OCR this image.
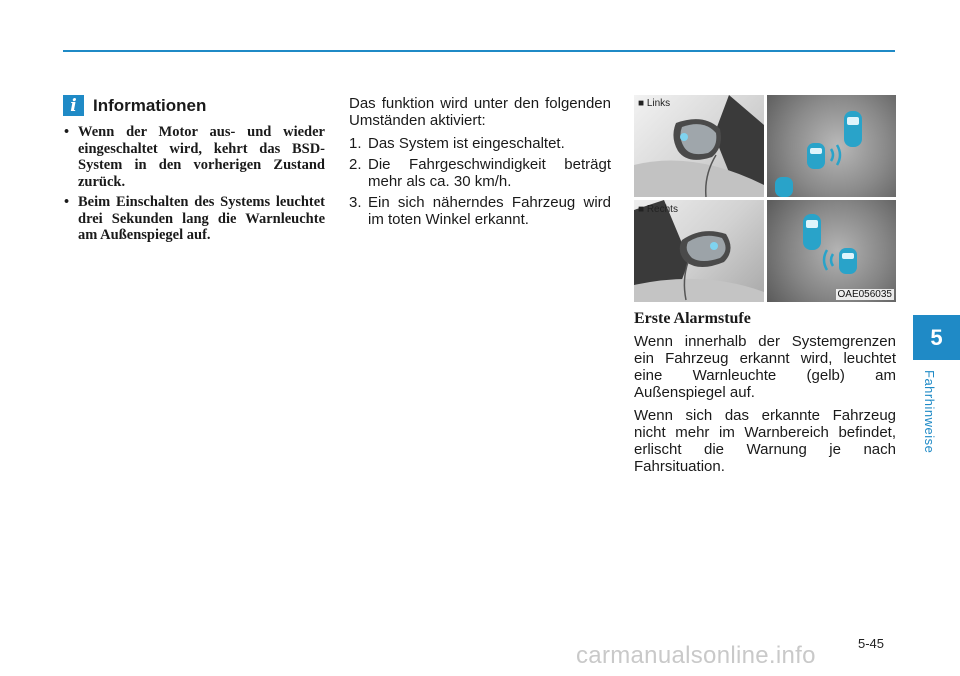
i Informationen
• Wenn der Motor aus- und wieder eingeschaltet wird, kehrt das BSD-System in den vorherigen Zustand zurück.
• Beim Einschalten des Systems leuchtet drei Sekunden lang die Warnleuchte am Außenspiegel auf.

Das funktion wird unter den folgenden Umständen aktiviert:

1. Das System ist eingeschaltet.
2. Die Fahrgeschwindigkeit beträgt mehr als ca. 30 km/h.
3. Ein sich näherndes Fahrzeug wird im toten Winkel erkannt.
■ Links
■ Rechts
OAE056035
Erste Alarmstufe

Wenn innerhalb der Systemgrenzen ein Fahrzeug erkannt wird, leuchtet eine Warnleuchte (gelb) am Außenspiegel auf.

Wenn sich das erkannte Fahrzeug nicht mehr im Warnbereich befindet, erlischt die Warnung je nach Fahrsituation.

5
Fahrhinweise
5-45
carmanualsonline.info
